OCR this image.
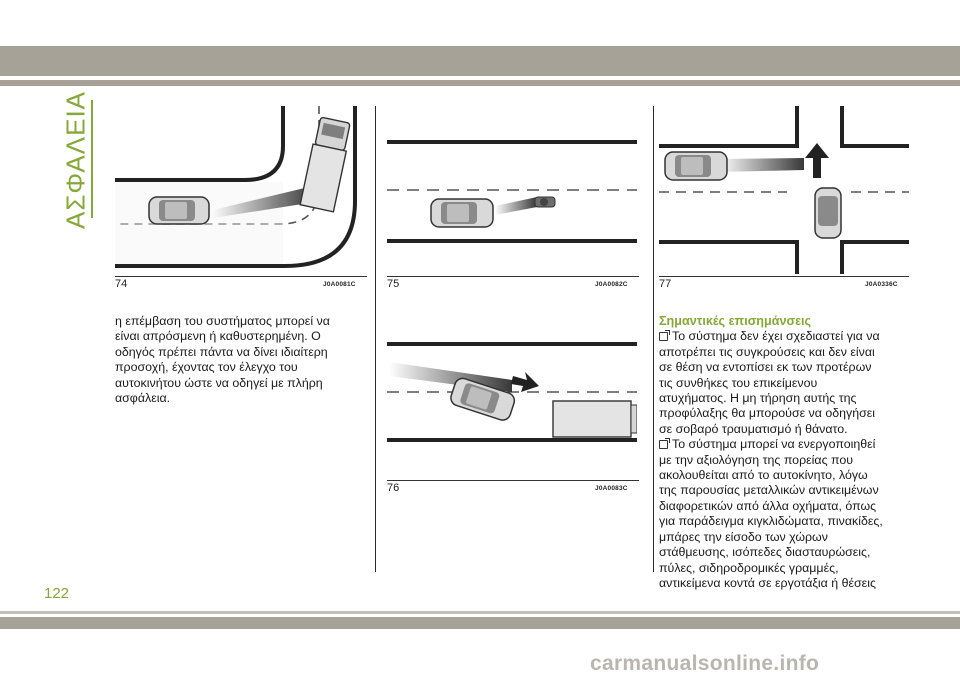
ΑΣΦΑΛΕΙΑ
74	J0A0081C	75	J0A0082C
76	J0A0083C
77	J0A0336C

η επέμβαση του συστήματος μπορεί να

είναι απρόσμενη ή καθυστερημένη. Ο

οδηγός πρέπει πάντα να δίνει ιδιαίτερη

προσοχή, έχοντας τον έλεγχο του

αυτοκινήτου ώστε να οδηγεί με πλήρη

ασφάλεια.

Σημαντικές επισημάνσεις

Το σύστημα δεν έχει σχεδιαστεί για να

αποτρέπει τις συγκρούσεις και δεν είναι

σε θέση να εντοπίσει εκ των προτέρων

τις συνθήκες του επικείμενου

ατυχήματος. Η μη τήρηση αυτής της

προφύλαξης θα μπορούσε να οδηγήσει

σε σοβαρό τραυματισμό ή θάνατο.

Το σύστημα μπορεί να ενεργοποιηθεί

με την αξιολόγηση της πορείας που

ακολουθείται από το αυτοκίνητο, λόγω

της παρουσίας μεταλλικών αντικειμένων

διαφορετικών από άλλα οχήματα, όπως

για παράδειγμα κιγκλιδώματα, πινακίδες,

μπάρες την είσοδο των χώρων

στάθμευσης, ισόπεδες διασταυρώσεις,

πύλες, σιδηροδρομικές γραμμές,

αντικείμενα κοντά σε εργοτάξια ή θέσεις

122
carmanualsonline.info
